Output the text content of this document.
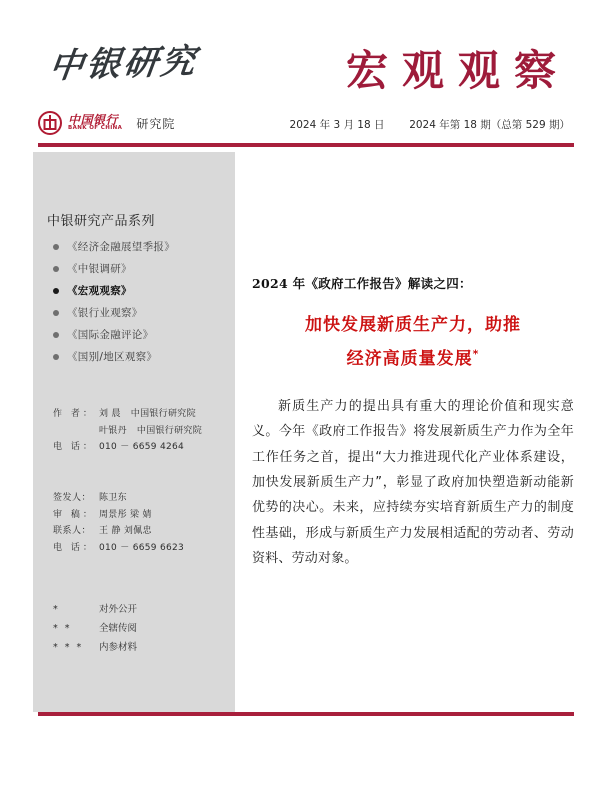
中银研究	宏观观察
中国银行
BANK OF CHINA 研究院	2024 年 3 月 18 日 2024 年第 18 期（总第 529 期）
中银研究产品系列
《经济金融展望季报》
《中银调研》
《宏观观察》
《银行业观察》
《国际金融评论》
《国别/地区观察》
作 者： 刘 晨 中国银行研究院
叶银丹 中国银行研究院
电 话： 010 － 6659 4264
签发人： 陈卫东
审 稿： 周景彤 梁 婧
联系人： 王 静 刘佩忠
电 话： 010 － 6659 6623
*	对外公开
* *	全辖传阅
* * *	内参材料
2024 年《政府工作报告》解读之四：
加快发展新质生产力，助推
经济高质量发展*

新质生产力的提出具有重大的理论价值和现实意义。今年《政府工作报告》将发展新质生产力作为全年工作任务之首，提出“大力推进现代化产业体系建设，加快发展新质生产力”，彰显了政府加快塑造新动能新优势的决心。未来，应持续夯实培育新质生产力的制度性基础，形成与新质生产力发展相适配的劳动者、劳动资料、劳动对象。
